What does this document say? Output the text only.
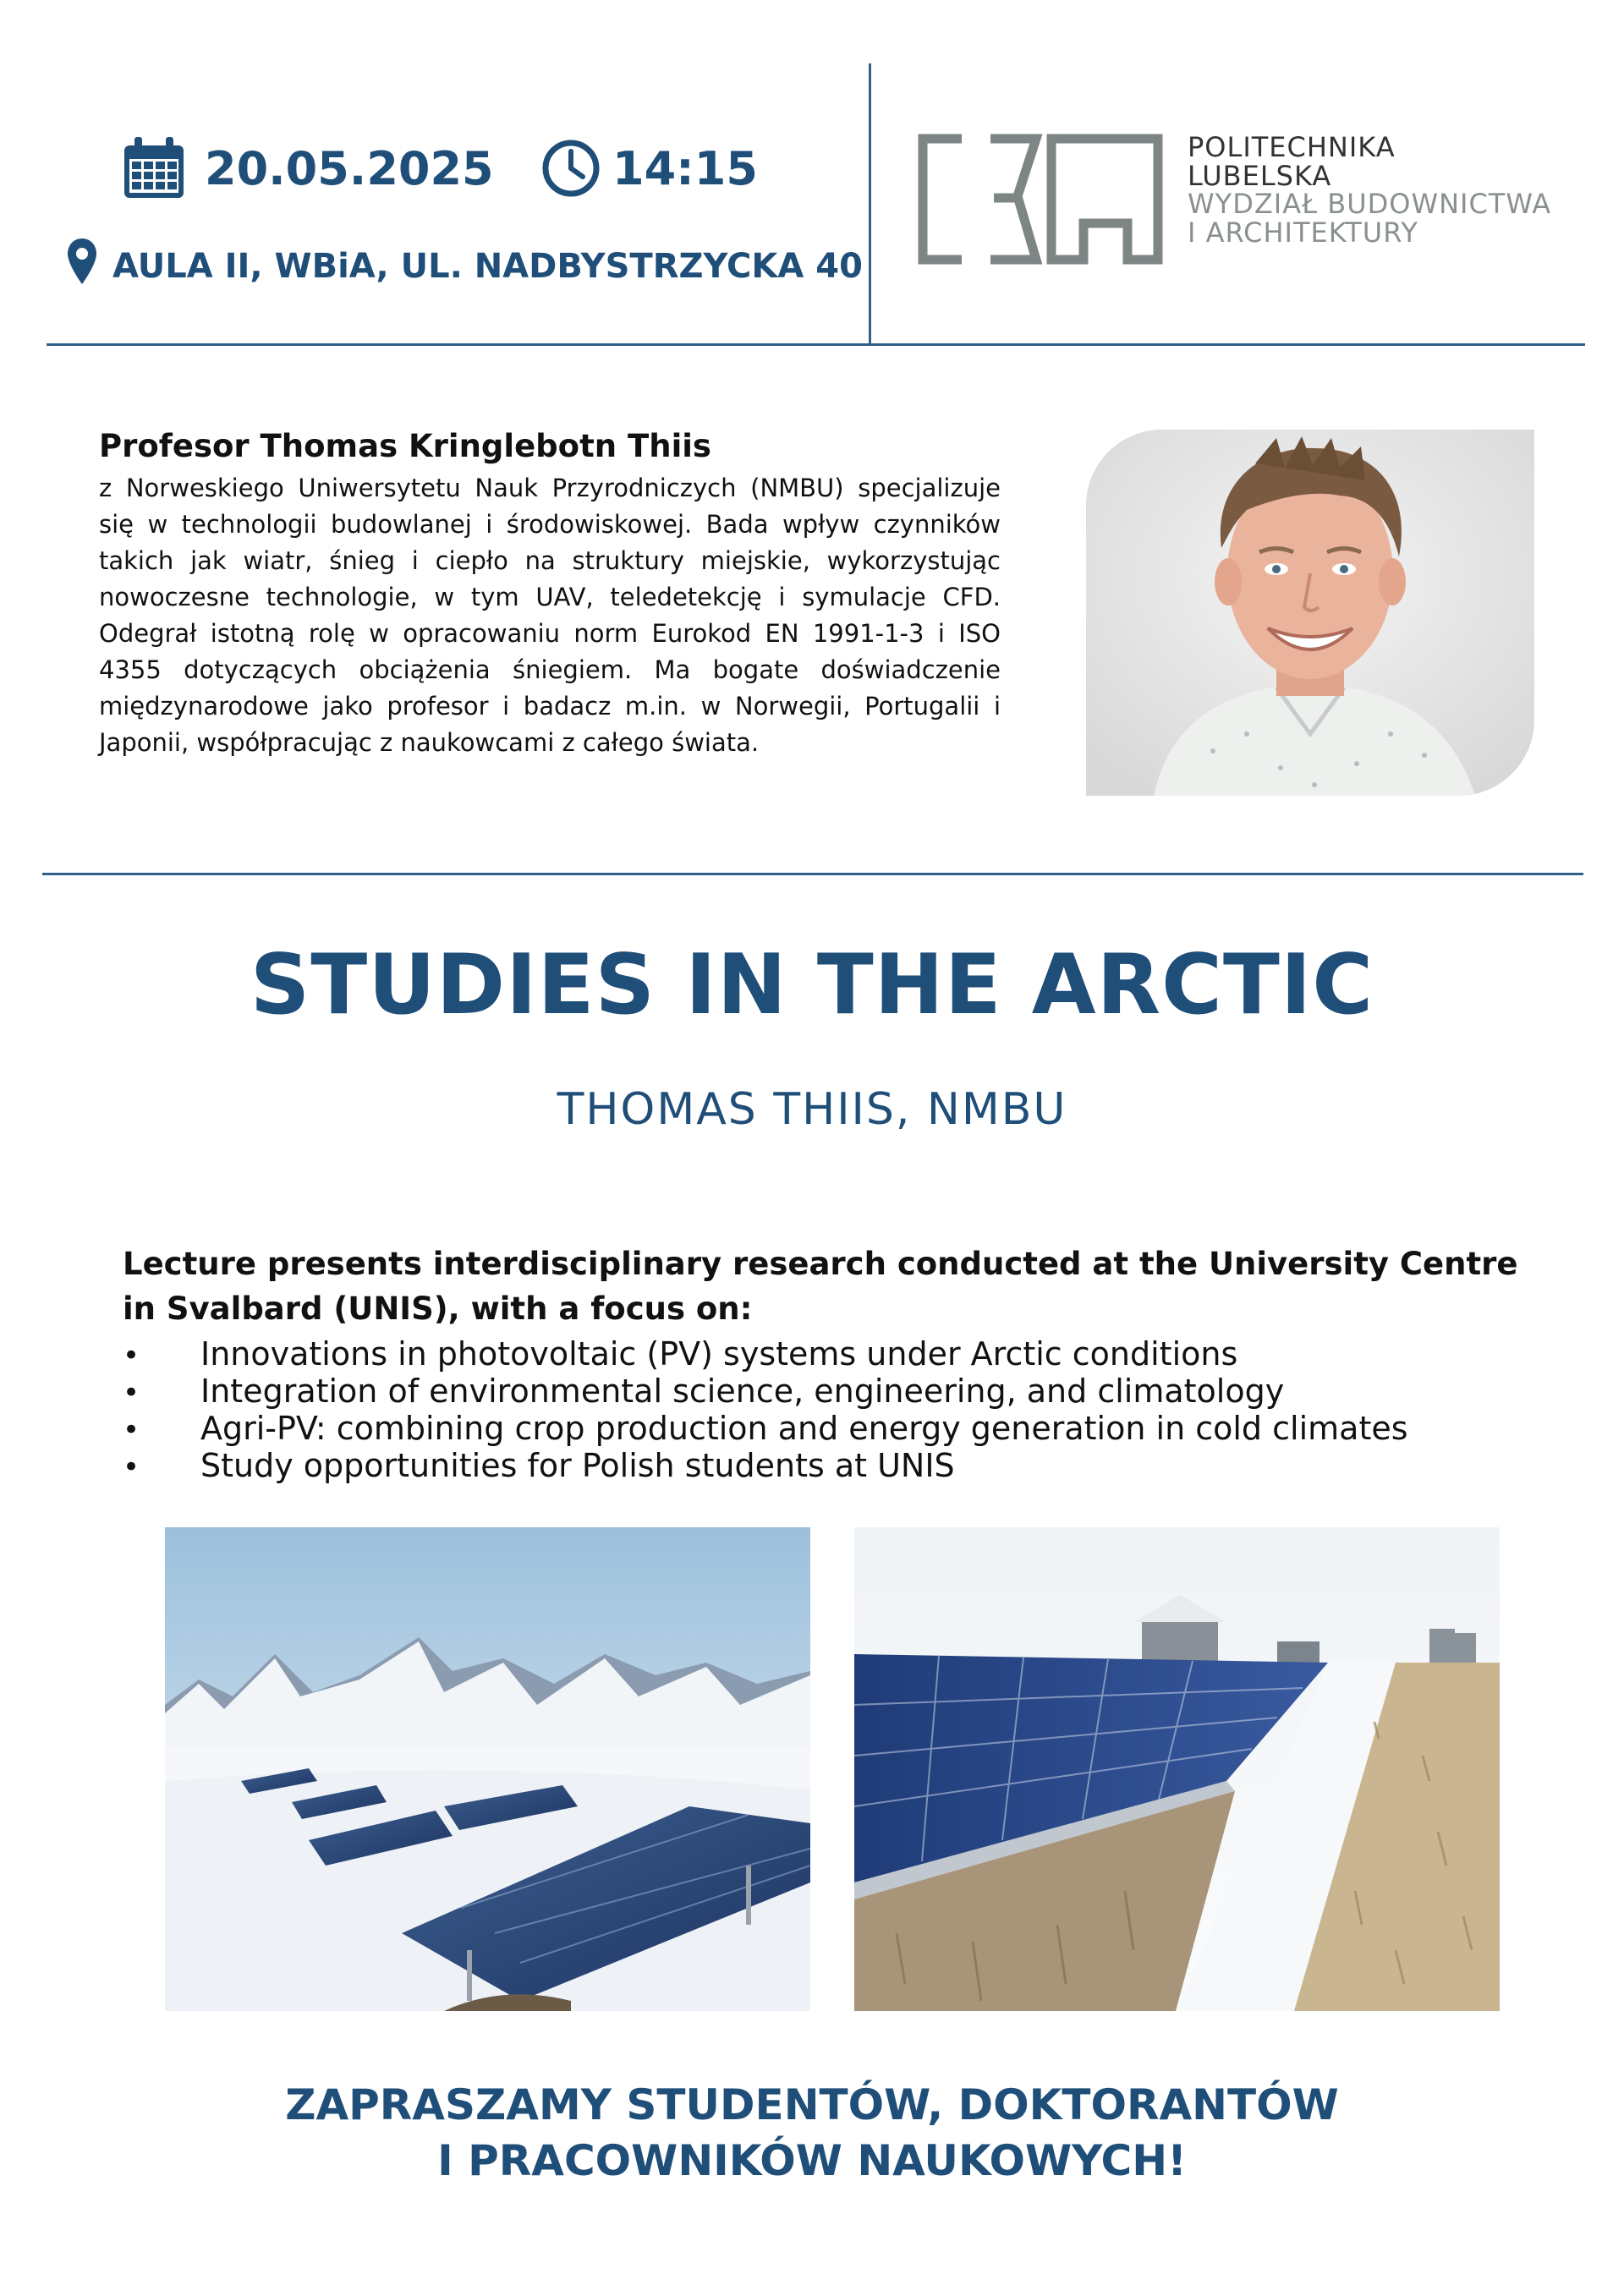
20.05.2025	14:15
AULA II, WBiA, UL. NADBYSTRZYCKA 40
POLITECHNIKA
LUBELSKA
WYDZIAŁ BUDOWNICTWA
I ARCHITEKTURY
Profesor Thomas Kringlebotn Thiis
z Norweskiego Uniwersytetu Nauk Przyrodniczych (NMBU) specjalizuje się w technologii budowlanej i środowiskowej. Bada wpływ czynników takich jak wiatr, śnieg i ciepło na struktury miejskie, wykorzystując nowoczesne technologie, w tym UAV, teledetekcję i symulacje CFD. Odegrał istotną rolę w opracowaniu norm Eurokod EN 1991-1-3 i ISO 4355 dotyczących obciążenia śniegiem. Ma bogate doświadczenie międzynarodowe jako profesor i badacz m.in. w Norwegii, Portugalii i Japonii, współpracując z naukowcami z całego świata.
STUDIES IN THE ARCTIC
THOMAS THIIS, NMBU
Lecture presents interdisciplinary research conducted at the University Centre in Svalbard (UNIS), with a focus on:
•	Innovations in photovoltaic (PV) systems under Arctic conditions
•	Integration of environmental science, engineering, and climatology
•	Agri-PV: combining crop production and energy generation in cold climates
•	Study opportunities for Polish students at UNIS
ZAPRASZAMY STUDENTÓW, DOKTORANTÓW
I PRACOWNIKÓW NAUKOWYCH!
